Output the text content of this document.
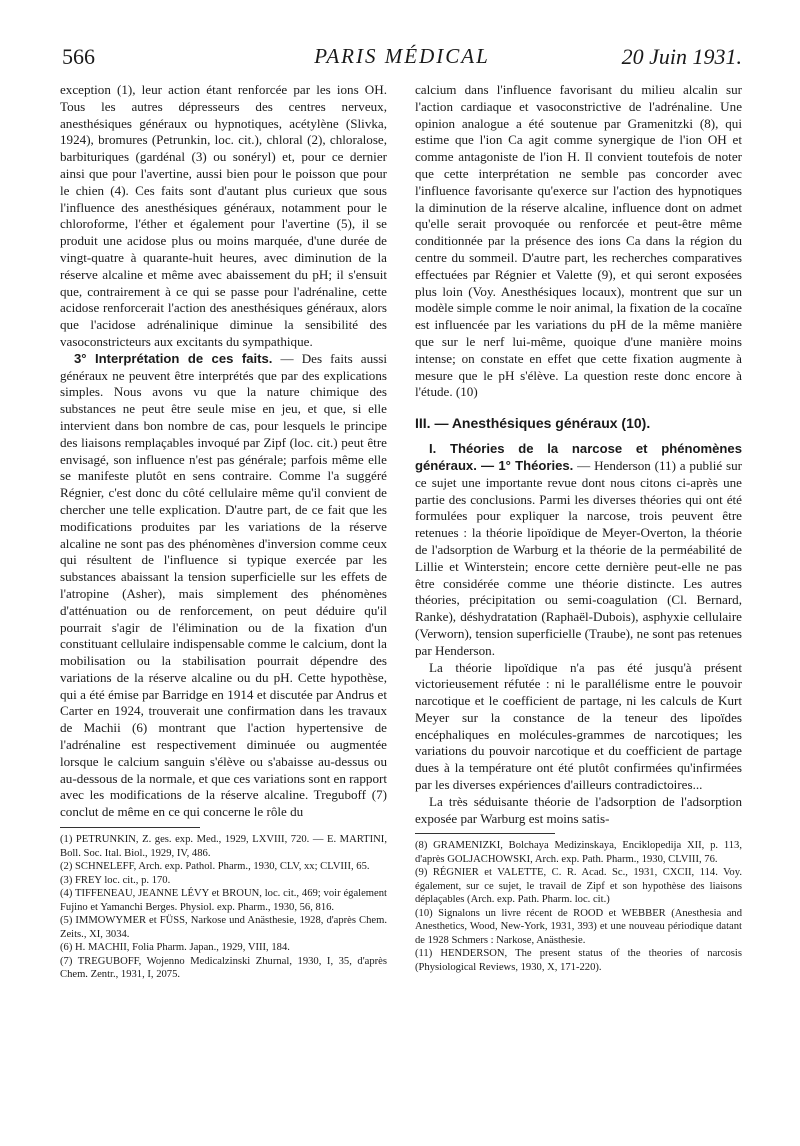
566	PARIS MÉDICAL	20 Juin 1931.

exception (1), leur action étant renforcée par les ions OH. Tous les autres dépresseurs des centres nerveux, anesthésiques généraux ou hypnotiques, acétylène (Slivka, 1924), bromures (Petrunkin, loc. cit.), chloral (2), chloralose, barbituriques (gardénal (3) ou sonéryl) et, pour ce dernier ainsi que pour l'avertine, aussi bien pour le poisson que pour le chien (4). Ces faits sont d'autant plus curieux que sous l'influence des anesthésiques généraux, notamment pour le chloroforme, l'éther et également pour l'avertine (5), il se produit une acidose plus ou moins marquée, d'une durée de vingt-quatre à quarante-huit heures, avec diminution de la réserve alcaline et même avec abaissement du pH; il s'ensuit que, contrairement à ce qui se passe pour l'adrénaline, cette acidose renforcerait l'action des anesthésiques généraux, alors que l'acidose adrénalinique diminue la sensibilité des vasoconstricteurs aux excitants du sympathique.

3° Interprétation de ces faits. — Des faits aussi généraux ne peuvent être interprétés que par des explications simples. Nous avons vu que la nature chimique des substances ne peut être seule mise en jeu, et que, si elle intervient dans bon nombre de cas, pour lesquels le principe des liaisons remplaçables invoqué par Zipf (loc. cit.) peut être envisagé, son influence n'est pas générale; parfois même elle se manifeste plutôt en sens contraire. Comme l'a suggéré Régnier, c'est donc du côté cellulaire même qu'il convient de chercher une telle explication. D'autre part, de ce fait que les modifications produites par les variations de la réserve alcaline ne sont pas des phénomènes d'inversion comme ceux qui résultent de l'influence si typique exercée par les substances abaissant la tension superficielle sur les effets de l'atropine (Asher), mais simplement des phénomènes d'atténuation ou de renforcement, on peut déduire qu'il pourrait s'agir de l'élimination ou de la fixation d'un constituant cellulaire indispensable comme le calcium, dont la mobilisation ou la stabilisation pourrait dépendre des variations de la réserve alcaline ou du pH. Cette hypothèse, qui a été émise par Barridge en 1914 et discutée par Andrus et Carter en 1924, trouverait une confirmation dans les travaux de Machii (6) montrant que l'action hypertensive de l'adrénaline est respectivement diminuée ou augmentée lorsque le calcium sanguin s'élève ou s'abaisse au-dessus ou au-dessous de la normale, et que ces variations sont en rapport avec les modifications de la réserve alcaline. Treguboff (7) conclut de même en ce qui concerne le rôle du

(1) PETRUNKIN, Z. ges. exp. Med., 1929, LXVIII, 720. — E. MARTINI, Boll. Soc. Ital. Biol., 1929, IV, 486.

(2) SCHNELEFF, Arch. exp. Pathol. Pharm., 1930, CLV, xx; CLVIII, 65.

(3) FREY loc. cit., p. 170.

(4) TIFFENEAU, JEANNE LÉVY et BROUN, loc. cit., 469; voir également Fujino et Yamanchi Berges. Physiol. exp. Pharm., 1930, 56, 816.

(5) IMMOWYMER et FÜSS, Narkose und Anästhesie, 1928, d'après Chem. Zeits., XI, 3034.

(6) H. MACHII, Folia Pharm. Japan., 1929, VIII, 184.

(7) TREGUBOFF, Wojenno Medicalzinski Zhurnal, 1930, I, 35, d'après Chem. Zentr., 1931, I, 2075.

calcium dans l'influence favorisant du milieu alcalin sur l'action cardiaque et vasoconstrictive de l'adrénaline. Une opinion analogue a été soutenue par Gramenitzki (8), qui estime que l'ion Ca agit comme synergique de l'ion OH et comme antagoniste de l'ion H. Il convient toutefois de noter que cette interprétation ne semble pas concorder avec l'influence favorisante qu'exerce sur l'action des hypnotiques la diminution de la réserve alcaline, influence dont on admet qu'elle serait provoquée ou renforcée et peut-être même conditionnée par la présence des ions Ca dans la région du centre du sommeil. D'autre part, les recherches comparatives effectuées par Régnier et Valette (9), et qui seront exposées plus loin (Voy. Anesthésiques locaux), montrent que sur un modèle simple comme le noir animal, la fixation de la cocaïne est influencée par les variations du pH de la même manière que sur le nerf lui-même, quoique d'une manière moins intense; on constate en effet que cette fixation augmente à mesure que le pH s'élève. La question reste donc encore à l'étude. (10)

III. — Anesthésiques généraux (10).

I. Théories de la narcose et phénomènes généraux. — 1° Théories. — Henderson (11) a publié sur ce sujet une importante revue dont nous citons ci-après une partie des conclusions. Parmi les diverses théories qui ont été formulées pour expliquer la narcose, trois peuvent être retenues : la théorie lipoïdique de Meyer-Overton, la théorie de l'adsorption de Warburg et la théorie de la perméabilité de Lillie et Winterstein; encore cette dernière peut-elle ne pas être considérée comme une théorie distincte. Les autres théories, précipitation ou semi-coagulation (Cl. Bernard, Ranke), déshydratation (Raphaël-Dubois), asphyxie cellulaire (Verworn), tension superficielle (Traube), ne sont pas retenues par Henderson.

La théorie lipoïdique n'a pas été jusqu'à présent victorieusement réfutée : ni le parallélisme entre le pouvoir narcotique et le coefficient de partage, ni les calculs de Kurt Meyer sur la constance de la teneur des lipoïdes encéphaliques en molécules-grammes de narcotiques; les variations du pouvoir narcotique et du coefficient de partage dues à la température ont été plutôt confirmées qu'infirmées par les diverses expériences d'ailleurs contradictoires...

La très séduisante théorie de l'adsorption de l'adsorption exposée par Warburg est moins satis-

(8) GRAMENIZKI, Bolchaya Medizinskaya, Enciklopedija XII, p. 113, d'après GOLJACHOWSKI, Arch. exp. Path. Pharm., 1930, CLVIII, 76.

(9) RÉGNIER et VALETTE, C. R. Acad. Sc., 1931, CXCII, 114. Voy. également, sur ce sujet, le travail de Zipf et son hypothèse des liaisons déplaçables (Arch. exp. Path. Pharm. loc. cit.)

(10) Signalons un livre récent de ROOD et WEBBER (Anesthesia and Anesthetics, Wood, New-York, 1931, 393) et une nouveau périodique datant de 1928 Schmers : Narkose, Anästhesie.

(11) HENDERSON, The present status of the theories of narcosis (Physiological Reviews, 1930, X, 171-220).
